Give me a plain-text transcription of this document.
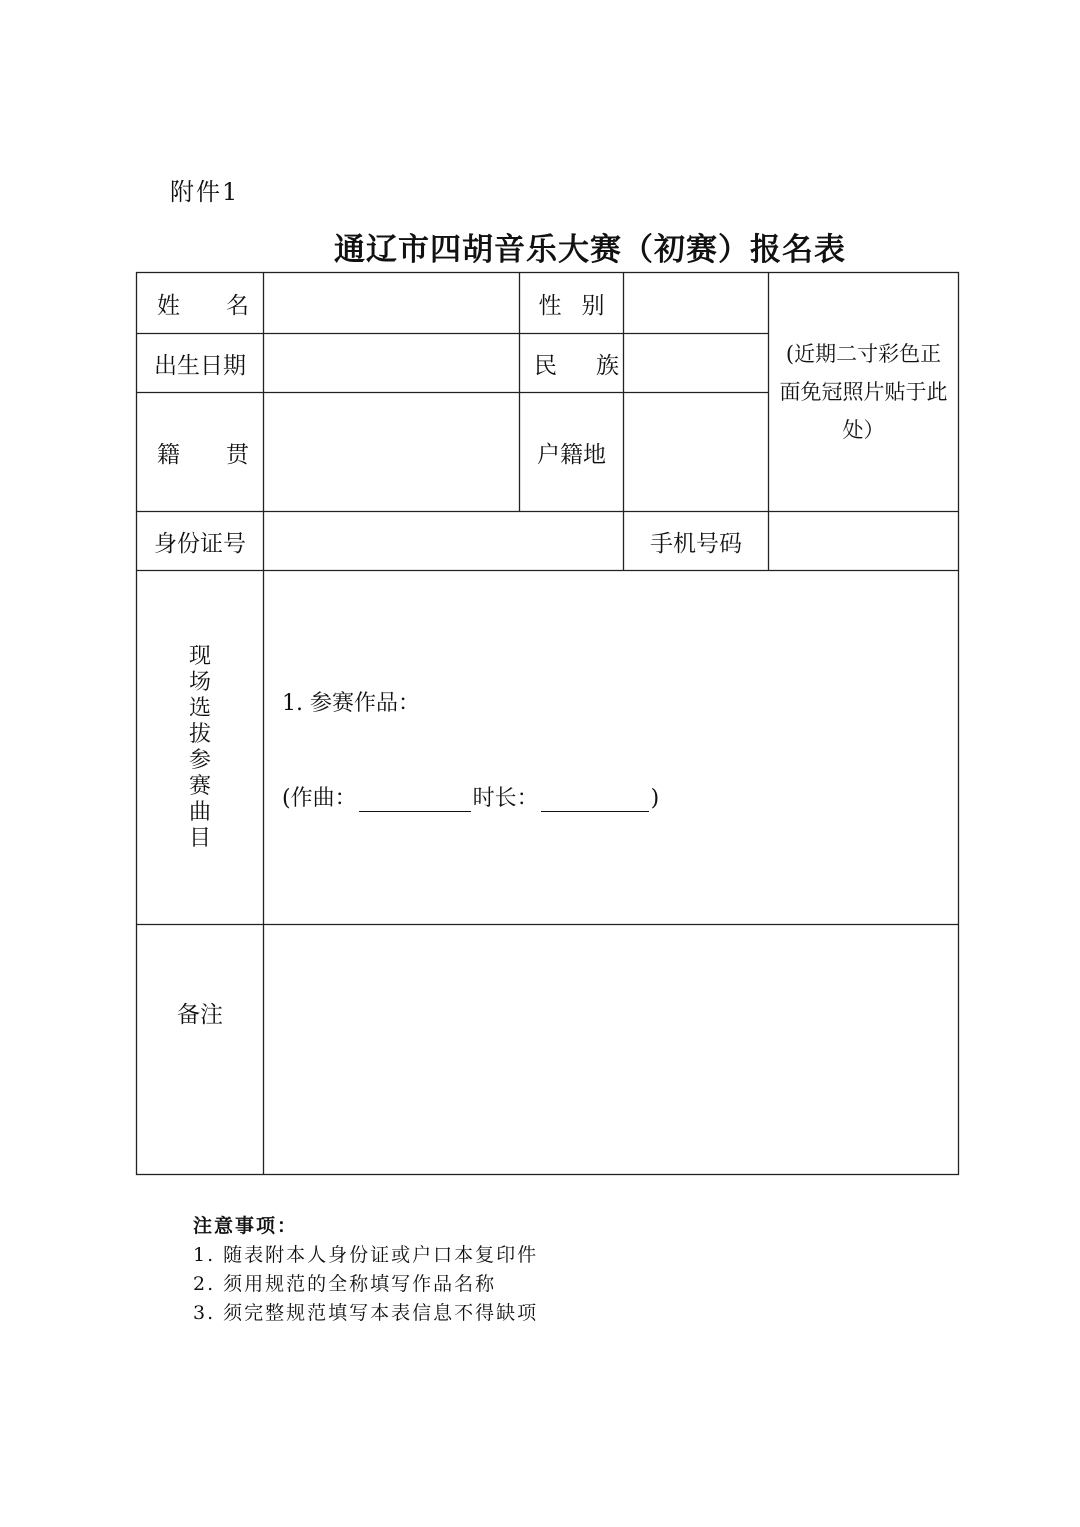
附件1
通辽市四胡音乐大赛（初赛）报名表
姓 名	性 别
(近期二寸彩色正
面免冠照片贴于此
处）
出生日期	民 族
籍 贯	户籍地
身份证号	手机号码
现
场
选
拔
参
赛
曲
目
1. 参赛作品：
(作曲：	时长：	)
备注
注意事项：
1. 随表附本人身份证或户口本复印件
2. 须用规范的全称填写作品名称
3. 须完整规范填写本表信息不得缺项
